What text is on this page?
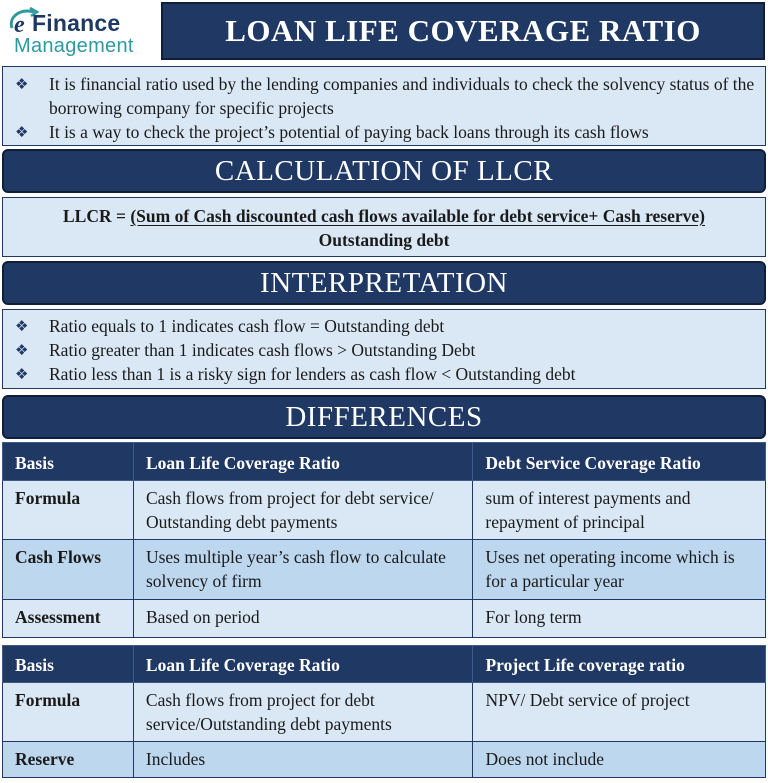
e Finance
Management	LOAN LIFE COVERAGE RATIO
❖	It is financial ratio used by the lending companies and individuals to check the solvency status of the borrowing company for specific projects
❖	It is a way to check the project’s potential of paying back loans through its cash flows
CALCULATION OF LLCR
LLCR = (Sum of Cash discounted cash flows available for debt service+ Cash reserve)
Outstanding debt
INTERPRETATION
❖	Ratio equals to 1 indicates cash flow = Outstanding debt
❖	Ratio greater than 1 indicates cash flows > Outstanding Debt
❖	Ratio less than 1 is a risky sign for lenders as cash flow < Outstanding debt
DIFFERENCES
Basis	Loan Life Coverage Ratio	Debt Service Coverage Ratio
Formula	Cash flows from project for debt service/ Outstanding debt payments	sum of interest payments and repayment of principal
Cash Flows	Uses multiple year’s cash flow to calculate solvency of firm	Uses net operating income which is for a particular year
Assessment	Based on period	For long term
Basis	Loan Life Coverage Ratio	Project Life coverage ratio
Formula	Cash flows from project for debt service/Outstanding debt payments	NPV/ Debt service of project
Reserve	Includes	Does not include
